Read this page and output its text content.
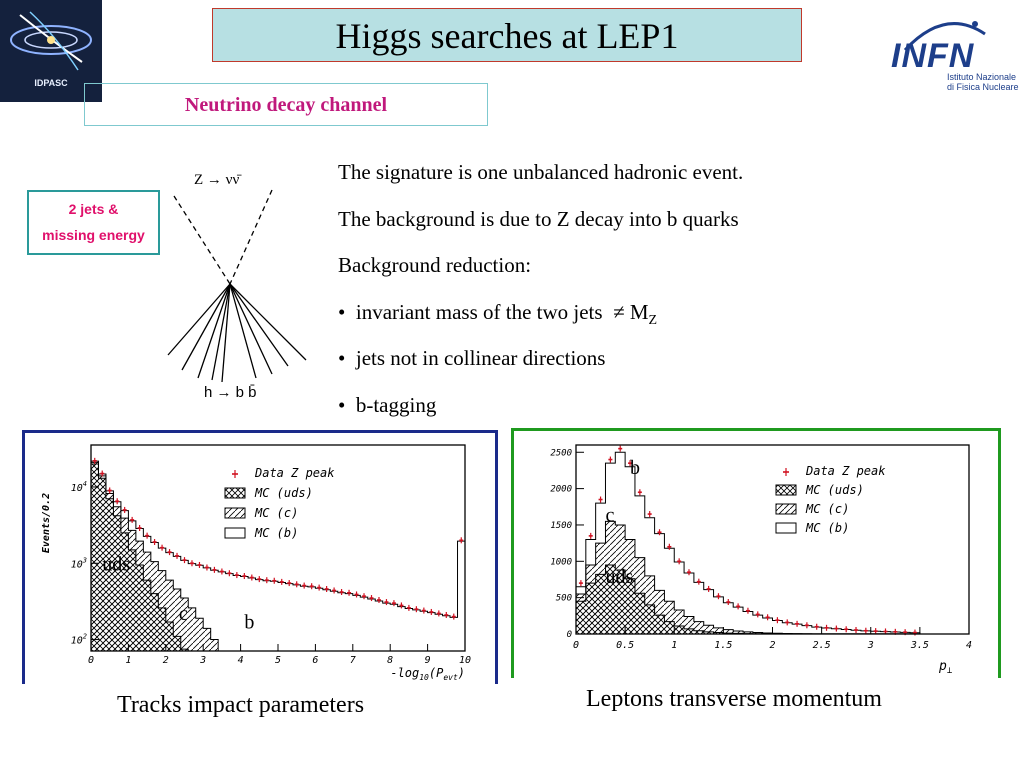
IDPASC
Higgs searches at LEP1
Neutrino decay channel
INFN
Istituto Nazionale
di Fisica Nucleare
2 jets &
missing energy
Z → νν̄
h → b b̄
The signature is one unbalanced hadronic event.
The background is due to Z decay into b quarks
Background reduction:
• invariant mass of the two jets ≠ $M_Z$
• jets not in collinear directions
• b-tagging
0	1	2	3	4	5	6	7	8	9	10
$10^2$
$10^3$
$10^4$
Events/0.2
$-\log_{10}(P_{evt})$
Data Z peak
MC (uds)
MC (c)
MC (b)
uds
c	b
Tracks impact parameters
0	0.5	1	1.5	2	2.5	3	3.5	4
0
500
1000
1500
2000
2500
$p_\perp$
Data Z peak
MC (uds)
MC (c)
MC (b)
b
c
uds
Leptons transverse momentum
